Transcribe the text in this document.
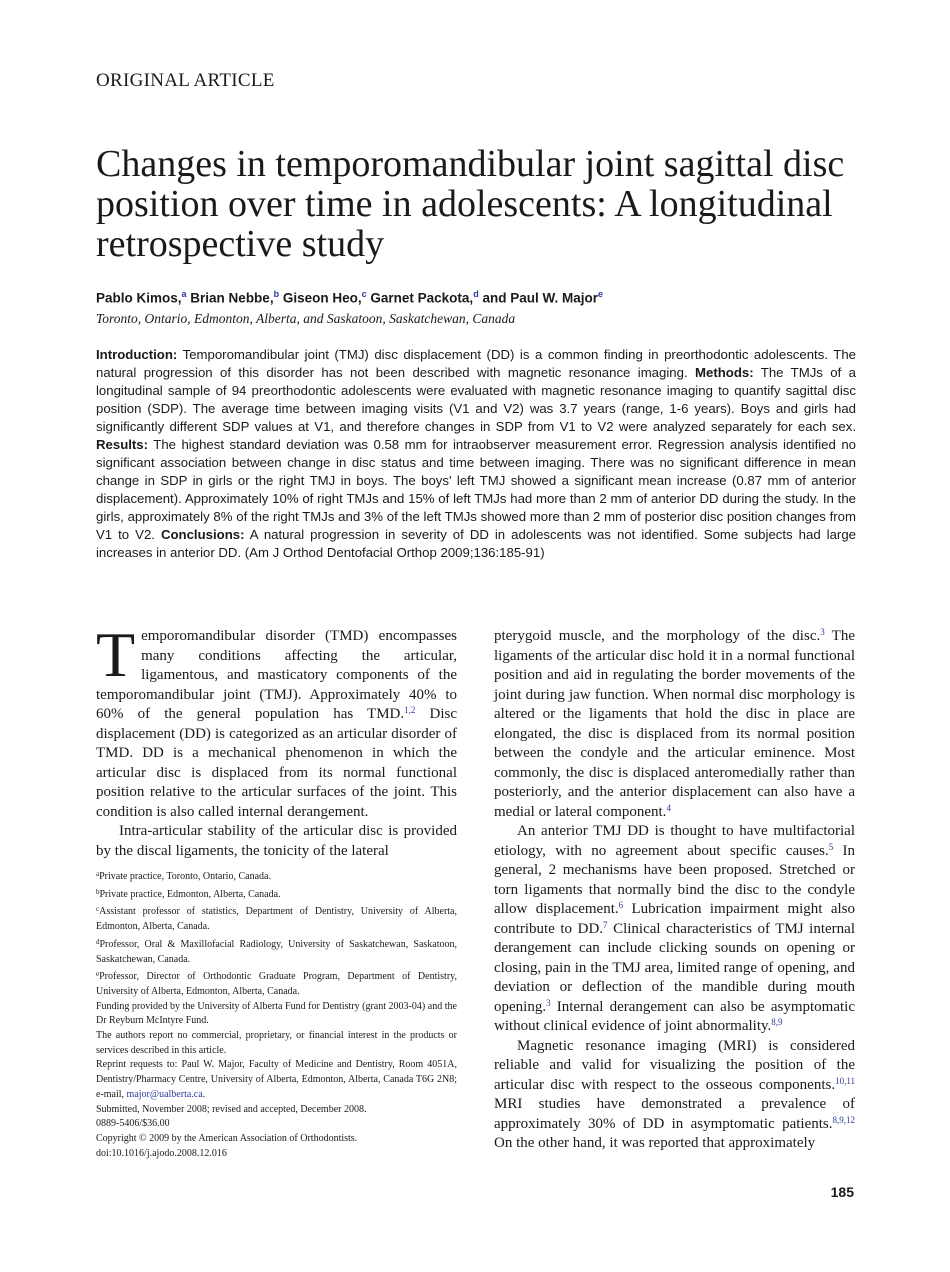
ORIGINAL ARTICLE
Changes in temporomandibular joint sagittal disc position over time in adolescents: A longitudinal retrospective study
Pablo Kimos,$^a$ Brian Nebbe,$^b$ Giseon Heo,$^c$ Garnet Packota,$^d$ and Paul W. Major$^e$
Toronto, Ontario, Edmonton, Alberta, and Saskatoon, Saskatchewan, Canada

Introduction: Temporomandibular joint (TMJ) disc displacement (DD) is a common finding in preorthodontic adolescents. The natural progression of this disorder has not been described with magnetic resonance imaging. Methods: The TMJs of a longitudinal sample of 94 preorthodontic adolescents were evaluated with magnetic resonance imaging to quantify sagittal disc position (SDP). The average time between imaging visits (V1 and V2) was 3.7 years (range, 1-6 years). Boys and girls had significantly different SDP values at V1, and therefore changes in SDP from V1 to V2 were analyzed separately for each sex. Results: The highest standard deviation was 0.58 mm for intraobserver measurement error. Regression analysis identified no significant association between change in disc status and time between imaging. There was no significant difference in mean change in SDP in girls or the right TMJ in boys. The boys' left TMJ showed a significant mean increase (0.87 mm of anterior displacement). Approximately 10% of right TMJs and 15% of left TMJs had more than 2 mm of anterior DD during the study. In the girls, approximately 8% of the right TMJs and 3% of the left TMJs showed more than 2 mm of posterior disc position changes from V1 to V2. Conclusions: A natural progression in severity of DD in adolescents was not identified. Some subjects had large increases in anterior DD. (Am J Orthod Dentofacial Orthop 2009;136:185-91)

Temporomandibular disorder (TMD) encompasses many conditions affecting the articular, ligamentous, and masticatory components of the temporomandibular joint (TMJ). Approximately 40% to 60% of the general population has TMD.$^{1,2}$ Disc displacement (DD) is categorized as an articular disorder of TMD. DD is a mechanical phenomenon in which the articular disc is displaced from its normal functional position relative to the articular surfaces of the joint. This condition is also called internal derangement.

Intra-articular stability of the articular disc is provided by the discal ligaments, the tonicity of the lateral

pterygoid muscle, and the morphology of the disc.$^3$ The ligaments of the articular disc hold it in a normal functional position and aid in regulating the border movements of the joint during jaw function. When normal disc morphology is altered or the ligaments that hold the disc in place are elongated, the disc is displaced from its normal position between the condyle and the articular eminence. Most commonly, the disc is displaced anteromedially rather than posteriorly, and the anterior displacement can also have a medial or lateral component.$^4$

An anterior TMJ DD is thought to have multifactorial etiology, with no agreement about specific causes.$^5$ In general, 2 mechanisms have been proposed. Stretched or torn ligaments that normally bind the disc to the condyle allow displacement.$^6$ Lubrication impairment might also contribute to DD.$^7$ Clinical characteristics of TMJ internal derangement can include clicking sounds on opening or closing, pain in the TMJ area, limited range of opening, and deviation or deflection of the mandible during mouth opening.$^3$ Internal derangement can also be asymptomatic without clinical evidence of joint abnormality.$^{8,9}$

Magnetic resonance imaging (MRI) is considered reliable and valid for visualizing the position of the articular disc with respect to the osseous components.$^{10,11}$ MRI studies have demonstrated a prevalence of approximately 30% of DD in asymptomatic patients.$^{8,9,12}$ On the other hand, it was reported that approximately

$^a$Private practice, Toronto, Ontario, Canada.
$^b$Private practice, Edmonton, Alberta, Canada.
$^c$Assistant professor of statistics, Department of Dentistry, University of Alberta, Edmonton, Alberta, Canada.
$^d$Professor, Oral & Maxillofacial Radiology, University of Saskatchewan, Saskatoon, Saskatchewan, Canada.
$^e$Professor, Director of Orthodontic Graduate Program, Department of Dentistry, University of Alberta, Edmonton, Alberta, Canada.
Funding provided by the University of Alberta Fund for Dentistry (grant 2003-04) and the Dr Reyburn McIntyre Fund.
The authors report no commercial, proprietary, or financial interest in the products or services described in this article.
Reprint requests to: Paul W. Major, Faculty of Medicine and Dentistry, Room 4051A, Dentistry/Pharmacy Centre, University of Alberta, Edmonton, Alberta, Canada T6G 2N8; e-mail, major@ualberta.ca.
Submitted, November 2008; revised and accepted, December 2008.
0889-5406/$36.00
Copyright © 2009 by the American Association of Orthodontists.
doi:10.1016/j.ajodo.2008.12.016
185
